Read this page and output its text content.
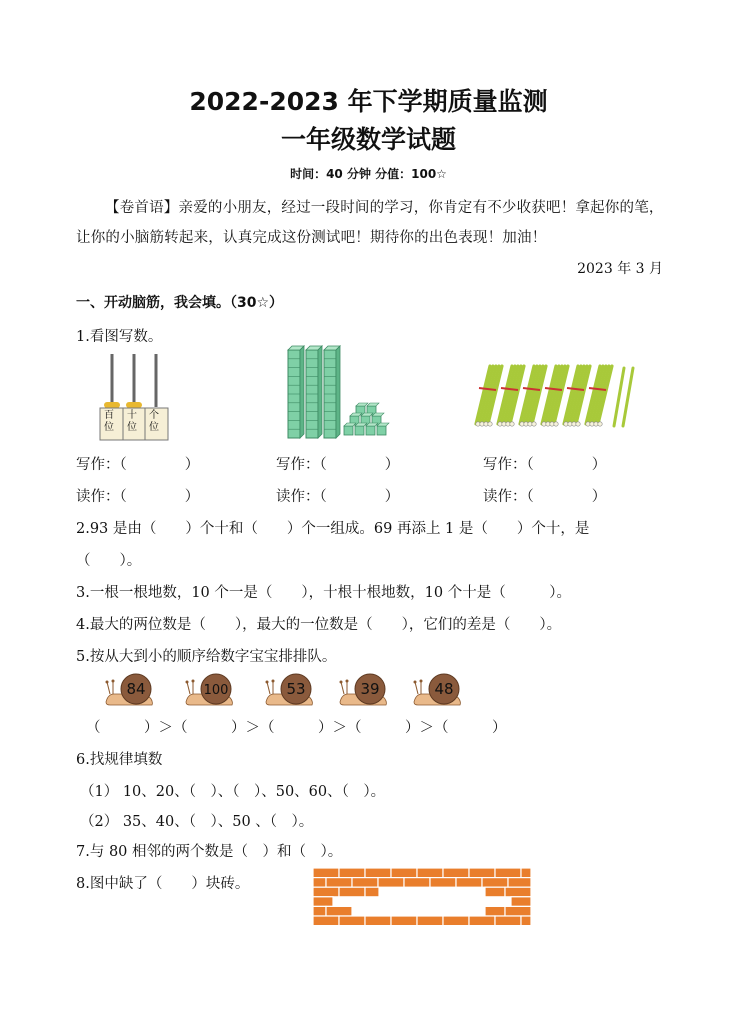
2022-2023 年下学期质量监测
一年级数学试题
时间：40 分钟 分值：100☆
【卷首语】亲爱的小朋友，经过一段时间的学习，你肯定有不少收获吧！拿起你的笔，让你的小脑筋转起来，认真完成这份测试吧！期待你的出色表现！加油！
2023 年 3 月
一、开动脑筋，我会填。（30☆）
1.看图写数。
百位
十位
个位
写作：（　　　　）	写作：（　　　　）	写作：（　　　　）
读作：（　　　　）	读作：（　　　　）	读作：（　　　　）
2.93 是由（　　）个十和（　　）个一组成。69 再添上 1 是（　　）个十，是
（　　）。
3.一根一根地数，10 个一是（　　），十根十根地数，10 个十是（　　　）。
4.最大的两位数是（　　），最大的一位数是（　　），它们的差是（　　）。
5.按从大到小的顺序给数字宝宝排排队。
84	100	53	39	48
（　　　）＞（　　　）＞（　　　）＞（　　　）＞（　　　）
6.找规律填数
（1） 10、20、（　）、（　）、50、60、（　）。
（2） 35、40、（　）、50 、（　）。
7.与 80 相邻的两个数是（　）和（　）。
8.图中缺了（　　）块砖。
